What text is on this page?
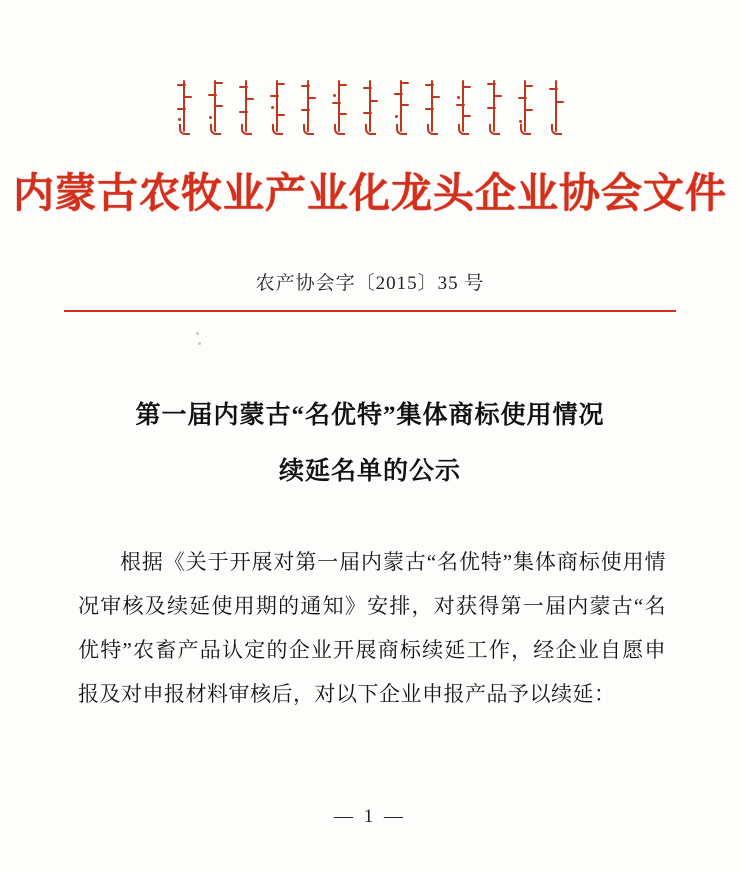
内蒙古农牧业产业化龙头企业协会文件
农产协会字〔2015〕35 号
第一届内蒙古“名优特”集体商标使用情况
续延名单的公示
根据《关于开展对第一届内蒙古“名优特”集体商标使用情况审核及续延使用期的通知》安排，对获得第一届内蒙古“名优特”农畜产品认定的企业开展商标续延工作，经企业自愿申报及对申报材料审核后，对以下企业申报产品予以续延：
— 1 —
